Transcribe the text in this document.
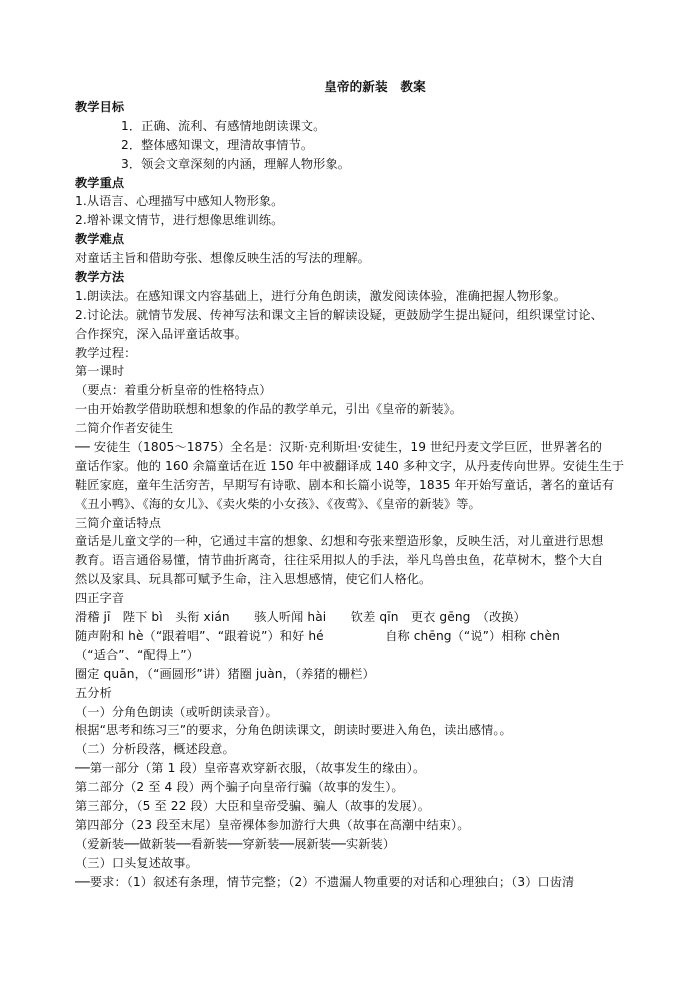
皇帝的新装　教案
教学目标
1．正确、流利、有感情地朗读课文。
2．整体感知课文，理清故事情节。
3．领会文章深刻的内涵，理解人物形象。
教学重点
1.从语言、心理描写中感知人物形象。
2.增补课文情节，进行想像思维训练。
教学难点
对童话主旨和借助夸张、想像反映生活的写法的理解。
教学方法
1.朗读法。在感知课文内容基础上，进行分角色朗读，激发阅读体验，准确把握人物形象。
2.讨论法。就情节发展、传神写法和课文主旨的解读设疑，更鼓励学生提出疑问，组织课堂讨论、
合作探究，深入品评童话故事。
教学过程：
第一课时
（要点：着重分析皇帝的性格特点）
一由开始教学借助联想和想象的作品的教学单元，引出《皇帝的新装》。
二简介作者安徒生
── 安徒生（1805～1875）全名是：汉斯·克利斯坦·安徒生，19 世纪丹麦文学巨匠，世界著名的
童话作家。他的 160 余篇童话在近 150 年中被翻译成 140 多种文字，从丹麦传向世界。安徒生生于
鞋匠家庭，童年生活穷苦，早期写有诗歌、剧本和长篇小说等，1835 年开始写童话，著名的童话有
《丑小鸭》、《海的女儿》、《卖火柴的小女孩》、《夜莺》、《皇帝的新装》等。
三简介童话特点
童话是儿童文学的一种，它通过丰富的想象、幻想和夸张来塑造形象，反映生活，对儿童进行思想
教育。语言通俗易懂，情节曲折离奇，往往采用拟人的手法，举凡鸟兽虫鱼，花草树木，整个大自
然以及家具、玩具都可赋予生命，注入思想感情，使它们人格化。
四正字音
滑稽 jī　陛下 bì　头衔 xián　　骇人听闻 hài　　钦差 qīn　更衣 gēng　（改换）
随声附和 hè（“跟着唱”、“跟着说”）和好 hé　　　　　自称 chēng（“说”）相称 chèn
（“适合”、“配得上”）
圈定 quān，（“画圆形”讲）猪圈 juàn，（养猪的栅栏）
五分析
（一）分角色朗读（或听朗读录音）。
根据“思考和练习三”的要求，分角色朗读课文，朗读时要进入角色，读出感情。。
（二）分析段落，概述段意。
──第一部分（第 1 段）皇帝喜欢穿新衣服，（故事发生的缘由）。
第二部分（2 至 4 段）两个骗子向皇帝行骗（故事的发生）。
第三部分，（5 至 22 段）大臣和皇帝受骗、骗人（故事的发展）。
第四部分（23 段至末尾）皇帝裸体参加游行大典（故事在高潮中结束）。
（爱新装──做新装──看新装──穿新装──展新装──实新装）
（三）口头复述故事。
──要求：（1）叙述有条理，情节完整；（2）不遗漏人物重要的对话和心理独白；（3）口齿清
